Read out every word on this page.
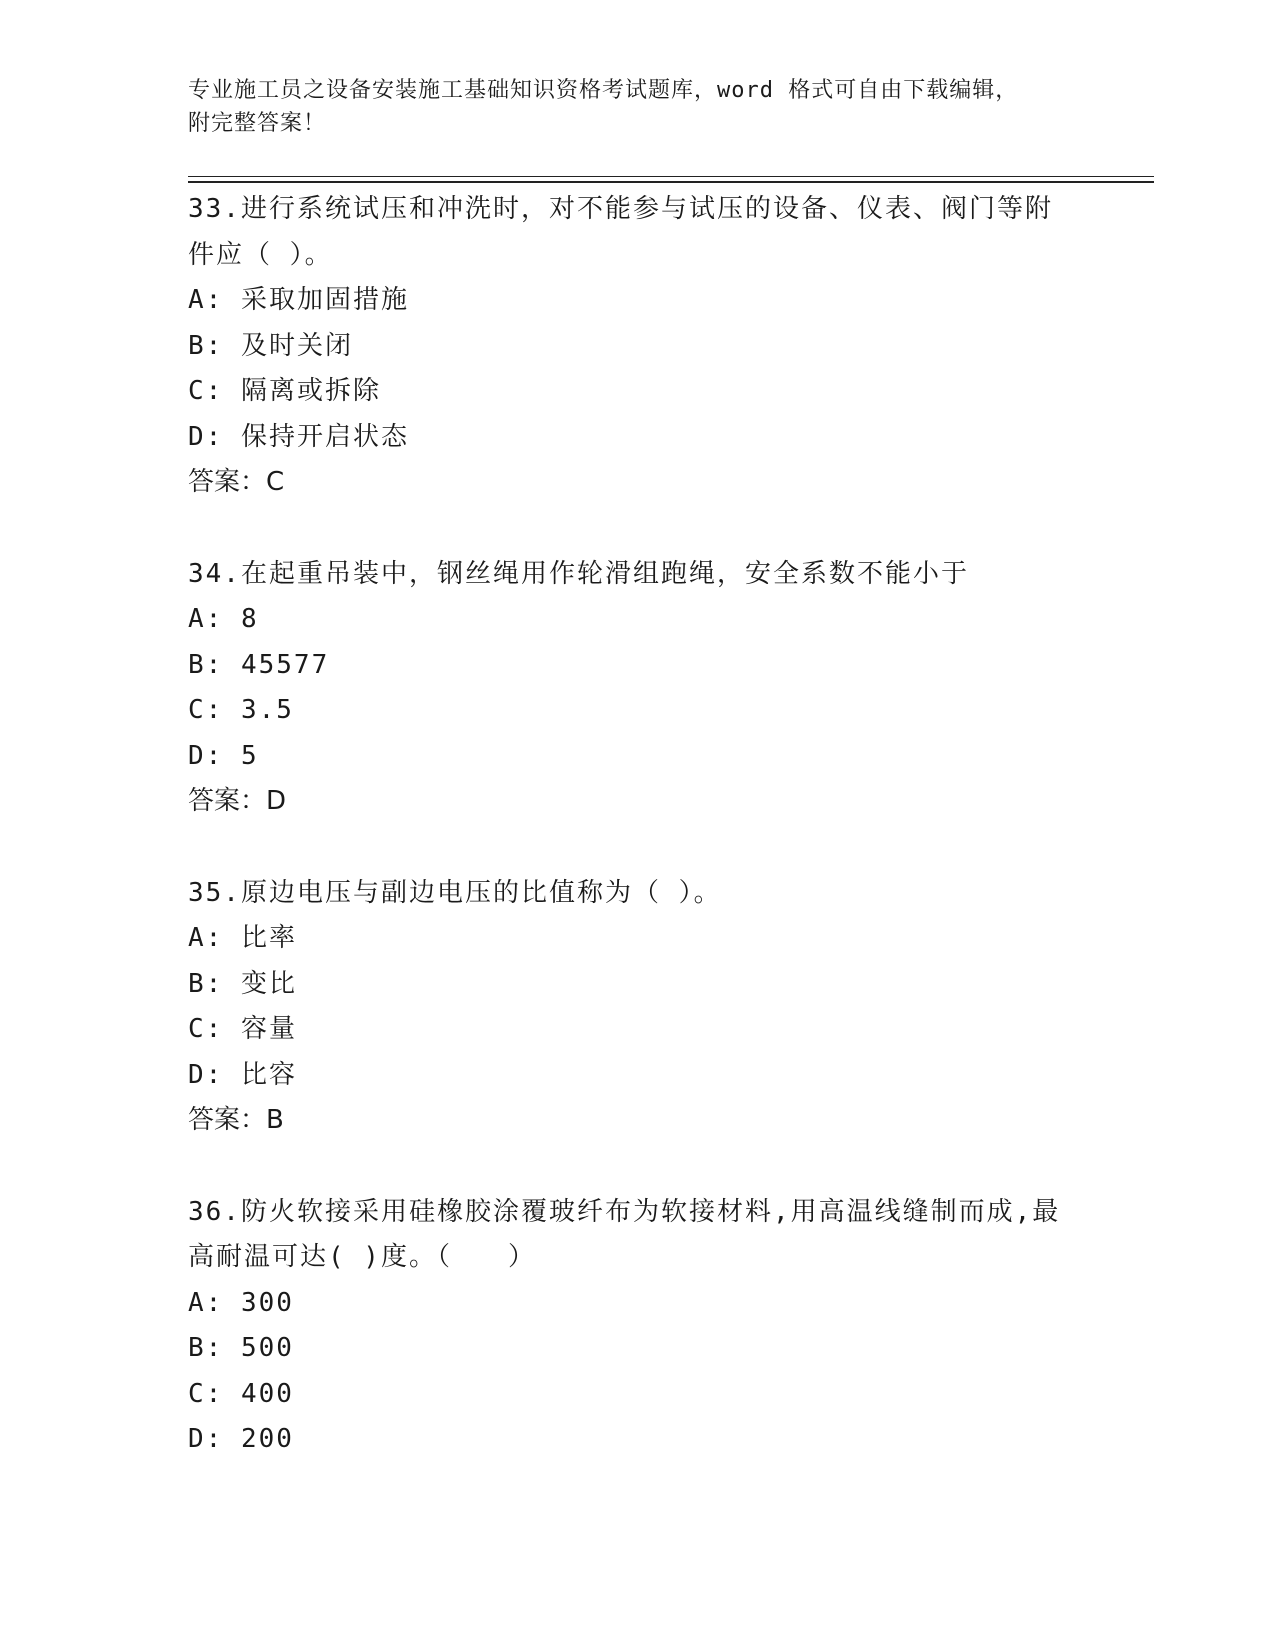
专业施工员之设备安装施工基础知识资格考试题库，word 格式可自由下载编辑，
附完整答案！
33.进行系统试压和冲洗时，对不能参与试压的设备、仪表、阀门等附
件应（ ）。
A: 采取加固措施
B: 及时关闭
C: 隔离或拆除
D: 保持开启状态
答案：C
34.在起重吊装中，钢丝绳用作轮滑组跑绳，安全系数不能小于
A: 8
B: 45577
C: 3.5
D: 5
答案：D
35.原边电压与副边电压的比值称为（ ）。
A: 比率
B: 变比
C: 容量
D: 比容
答案：B
36.防火软接采用硅橡胶涂覆玻纤布为软接材料,用高温线缝制而成,最
高耐温可达( )度。（　　）
A: 300
B: 500
C: 400
D: 200
